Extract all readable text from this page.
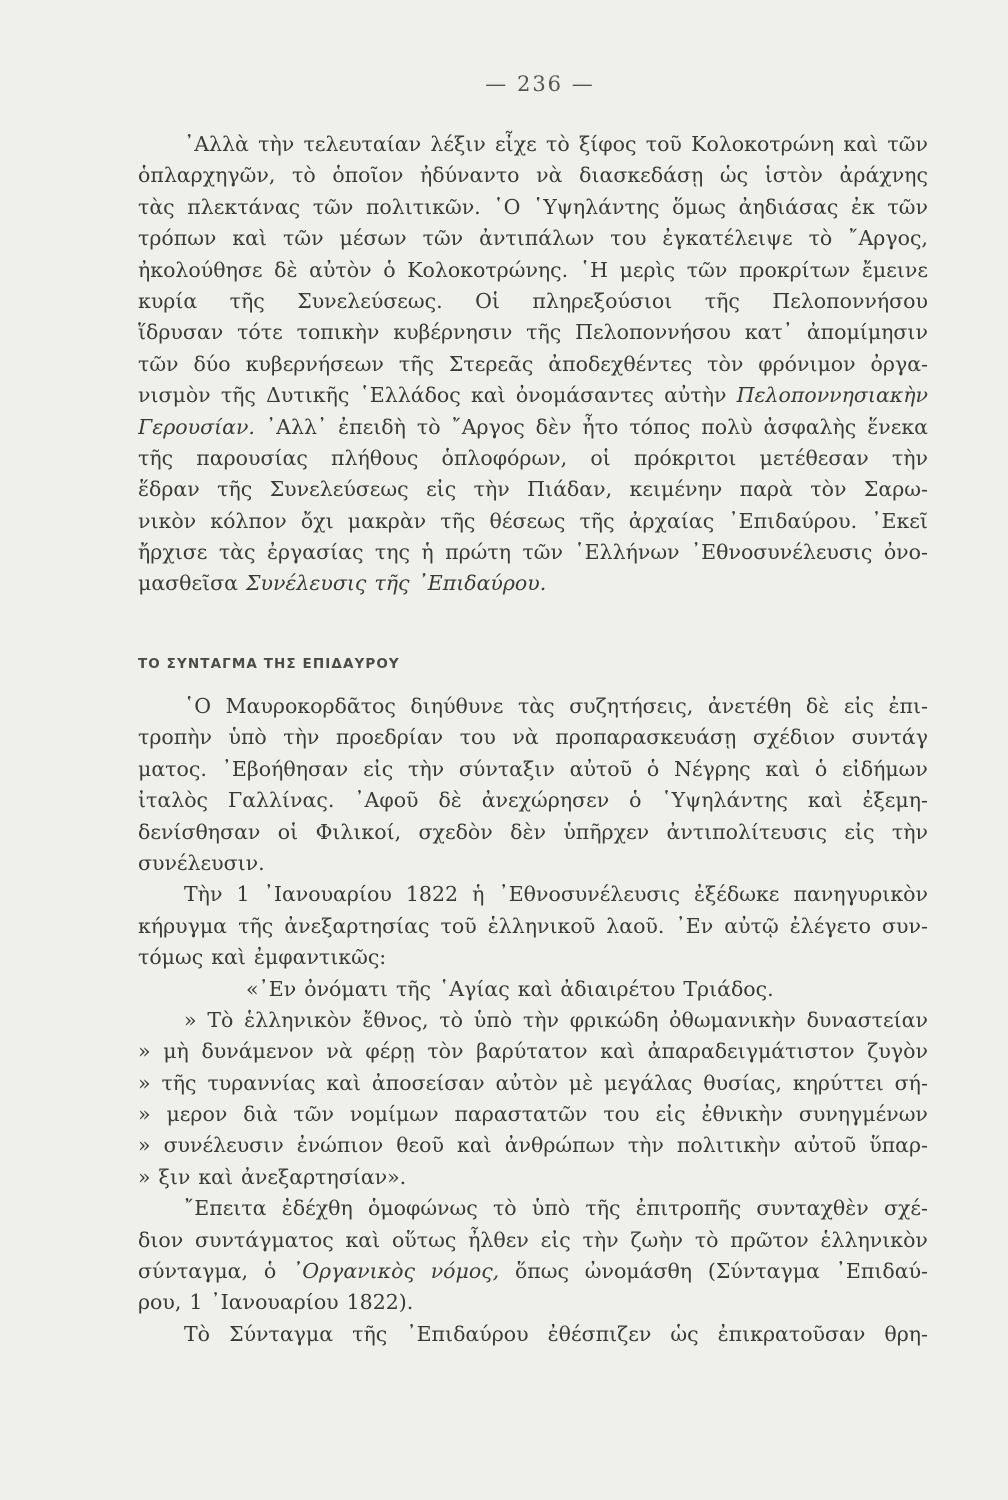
— 236 —
᾿Αλλὰ τὴν τελευταίαν λέξιν εἶχε τὸ ξίφος τοῦ Κολοκοτρώνη καὶ τῶν
ὁπλαρχηγῶν, τὸ ὁποῖον ἠδύναντο νὰ διασκεδάσῃ ὡς ἱστὸν ἀράχνης
τὰς πλεκτάνας τῶν πολιτικῶν. ῾Ο ῾Υψηλάντης ὅμως ἀηδιάσας ἐκ τῶν
τρόπων καὶ τῶν μέσων τῶν ἀντιπάλων του ἐγκατέλειψε τὸ ῎Αργος,
ἠκολούθησε δὲ αὐτὸν ὁ Κολοκοτρώνης. ῾Η μερὶς τῶν προκρίτων ἔμεινε
κυρία τῆς Συνελεύσεως. Οἱ πληρεξούσιοι τῆς Πελοποννήσου
ἵδρυσαν τότε τοπικὴν κυβέρνησιν τῆς Πελοποννήσου κατ᾿ ἀπομίμησιν
τῶν δύο κυβερνήσεων τῆς Στερεᾶς ἀποδεχθέντες τὸν φρόνιμον ὀργα-
νισμὸν τῆς Δυτικῆς ῾Ελλάδος καὶ ὀνομάσαντες αὐτὴν Πελοποννησιακὴν
Γερουσίαν. ᾿Αλλ᾿ ἐπειδὴ τὸ ῎Αργος δὲν ἦτο τόπος πολὺ ἀσφαλὴς ἕνεκα
τῆς παρουσίας πλήθους ὁπλοφόρων, οἱ πρόκριτοι μετέθεσαν τὴν
ἕδραν τῆς Συνελεύσεως εἰς τὴν Πιάδαν, κειμένην παρὰ τὸν Σαρω-
νικὸν κόλπον ὄχι μακρὰν τῆς θέσεως τῆς ἀρχαίας ᾿Επιδαύρου. ᾿Εκεῖ
ἤρχισε τὰς ἐργασίας της ἡ πρώτη τῶν ῾Ελλήνων ᾿Εθνοσυνέλευσις ὀνο-
μασθεῖσα Συνέλευσις τῆς ᾿Επιδαύρου.
ΤΟ ΣΥΝΤΑΓΜΑ ΤΗΣ ΕΠΙΔΑΥΡΟΥ
῾Ο Μαυροκορδᾶτος διηύθυνε τὰς συζητήσεις, ἀνετέθη δὲ εἰς ἐπι-
τροπὴν ὑπὸ τὴν προεδρίαν του νὰ προπαρασκευάσῃ σχέδιον συντάγ
ματος. ᾿Εβοήθησαν εἰς τὴν σύνταξιν αὐτοῦ ὁ Νέγρης καὶ ὁ εἰδήμων
ἰταλὸς Γαλλίνας. ᾿Αφοῦ δὲ ἀνεχώρησεν ὁ ῾Υψηλάντης καὶ ἐξεμη-
δενίσθησαν οἱ Φιλικοί, σχεδὸν δὲν ὑπῆρχεν ἀντιπολίτευσις εἰς τὴν
συνέλευσιν.
Τὴν 1 ᾿Ιανουαρίου 1822 ἡ ᾿Εθνοσυνέλευσις ἐξέδωκε πανηγυρικὸν
κήρυγμα τῆς ἀνεξαρτησίας τοῦ ἑλληνικοῦ λαοῦ. ᾿Εν αὐτῷ ἐλέγετο συν-
τόμως καὶ ἐμφαντικῶς:
«᾿Εν ὀνόματι τῆς ῾Αγίας καὶ ἀδιαιρέτου Τριάδος.
» Τὸ ἑλληνικὸν ἔθνος, τὸ ὑπὸ τὴν φρικώδη ὀθωμανικὴν δυναστείαν
» μὴ δυνάμενον νὰ φέρῃ τὸν βαρύτατον καὶ ἀπαραδειγμάτιστον ζυγὸν
» τῆς τυραννίας καὶ ἀποσείσαν αὐτὸν μὲ μεγάλας θυσίας, κηρύττει σή-
» μερον διὰ τῶν νομίμων παραστατῶν του εἰς ἐθνικὴν συνηγμένων
» συνέλευσιν ἐνώπιον θεοῦ καὶ ἀνθρώπων τὴν πολιτικὴν αὐτοῦ ὕπαρ-
» ξιν καὶ ἀνεξαρτησίαν».
῎Επειτα ἐδέχθη ὁμοφώνως τὸ ὑπὸ τῆς ἐπιτροπῆς συνταχθὲν σχέ-
διον συντάγματος καὶ οὕτως ἦλθεν εἰς τὴν ζωὴν τὸ πρῶτον ἑλληνικὸν
σύνταγμα, ὁ ᾿Οργανικὸς νόμος, ὅπως ὠνομάσθη (Σύνταγμα ᾿Επιδαύ-
ρου, 1 ᾿Ιανουαρίου 1822).
Τὸ Σύνταγμα τῆς ᾿Επιδαύρου ἐθέσπιζεν ὡς ἐπικρατοῦσαν θρη-
